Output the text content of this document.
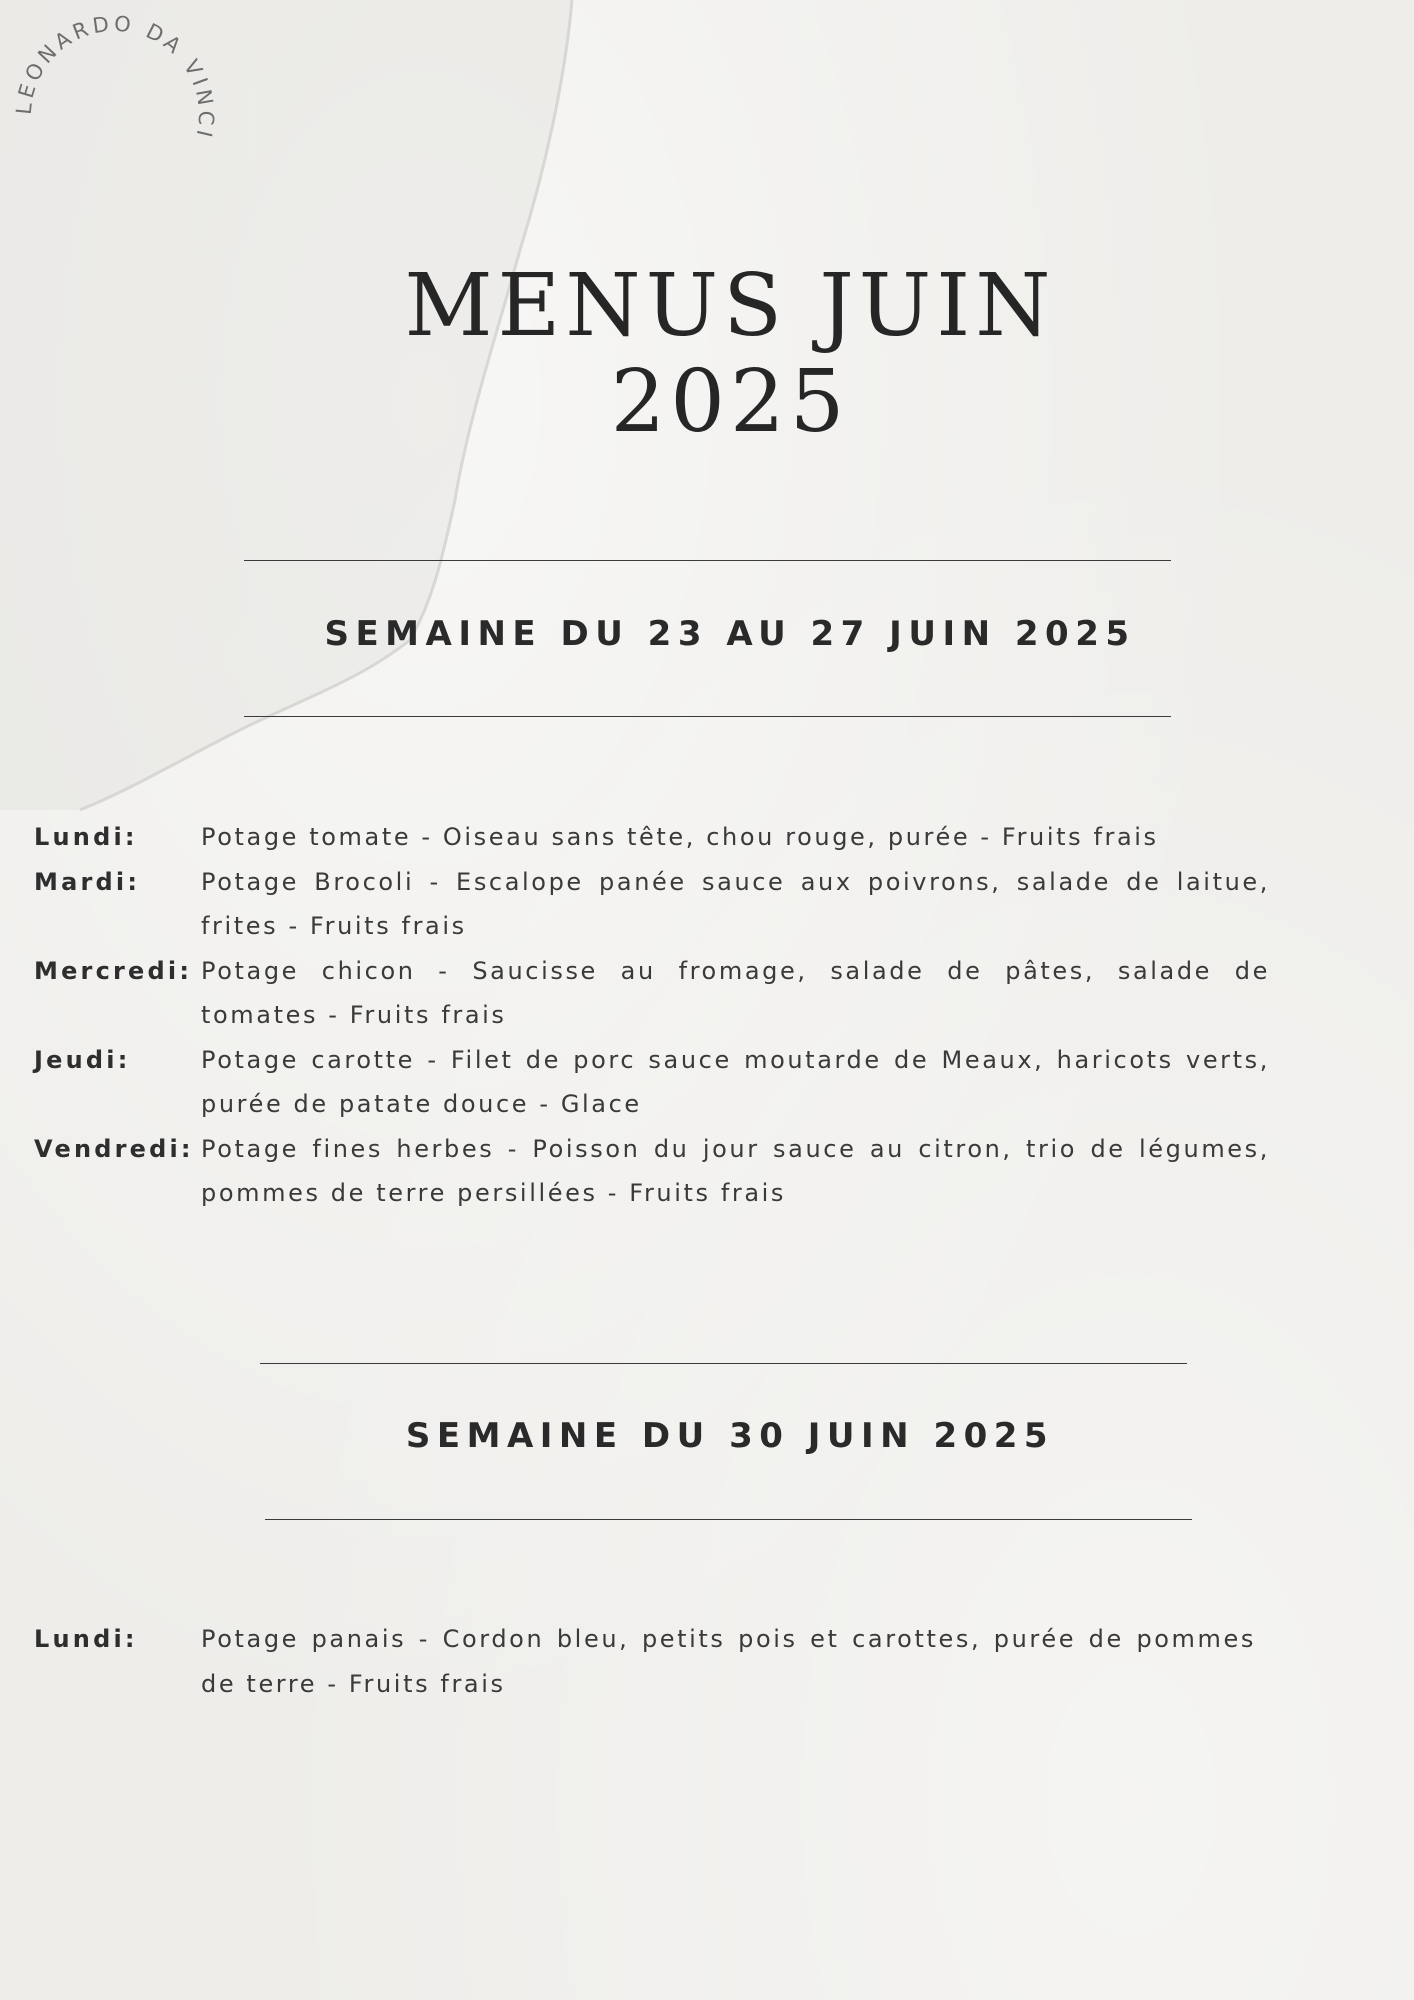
LEONARDO DA VINCI
MENUS JUIN
2025
SEMAINE DU 23 AU 27 JUIN 2025
Lundi:	Potage tomate - Oiseau sans tête, chou rouge, purée - Fruits frais
Mardi:	Potage Brocoli - Escalope panée sauce aux poivrons, salade de laitue, frites - Fruits frais
Mercredi: Potage chicon - Saucisse au fromage, salade de pâtes, salade de tomates - Fruits frais
Jeudi:	Potage carotte - Filet de porc sauce moutarde de Meaux, haricots verts, purée de patate douce - Glace
Vendredi: Potage fines herbes - Poisson du jour sauce au citron, trio de légumes, pommes de terre persillées - Fruits frais
SEMAINE DU 30 JUIN 2025
Lundi:	Potage panais - Cordon bleu, petits pois et carottes, purée de pommes de terre - Fruits frais
